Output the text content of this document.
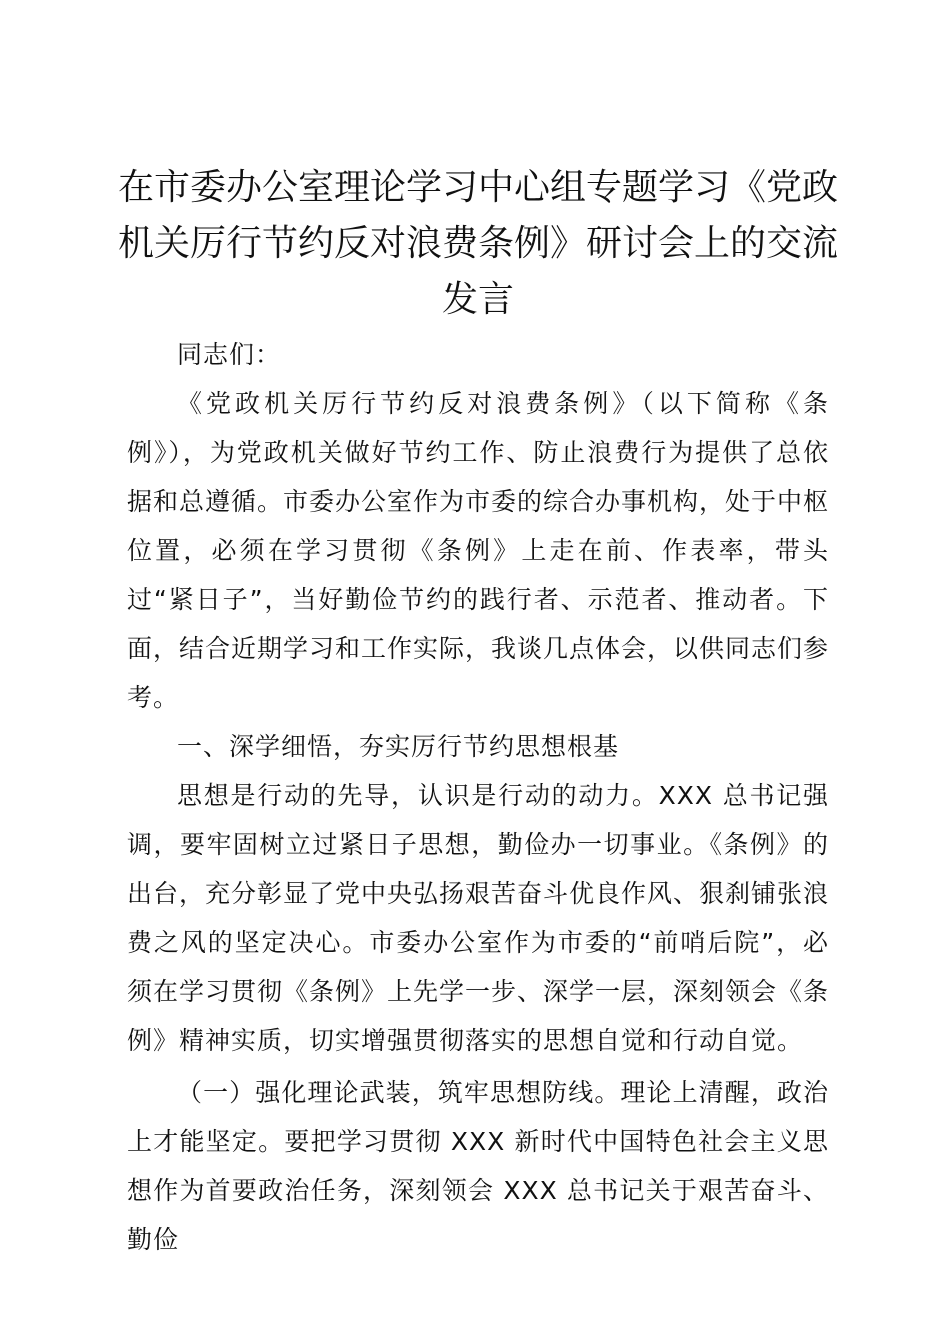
在市委办公室理论学习中心组专题学习《党政机关厉行节约反对浪费条例》研讨会上的交流发言

同志们：

《党政机关厉行节约反对浪费条例》（以下简称《条例》），为党政机关做好节约工作、防止浪费行为提供了总依据和总遵循。市委办公室作为市委的综合办事机构，处于中枢位置，必须在学习贯彻《条例》上走在前、作表率，带头过“紧日子”，当好勤俭节约的践行者、示范者、推动者。下面，结合近期学习和工作实际，我谈几点体会，以供同志们参考。

一、深学细悟，夯实厉行节约思想根基

思想是行动的先导，认识是行动的动力。XXX 总书记强调，要牢固树立过紧日子思想，勤俭办一切事业。《条例》的出台，充分彰显了党中央弘扬艰苦奋斗优良作风、狠刹铺张浪费之风的坚定决心。市委办公室作为市委的“前哨后院”，必须在学习贯彻《条例》上先学一步、深学一层，深刻领会《条例》精神实质，切实增强贯彻落实的思想自觉和行动自觉。

（一）强化理论武装，筑牢思想防线。理论上清醒，政治上才能坚定。要把学习贯彻 XXX 新时代中国特色社会主义思想作为首要政治任务，深刻领会 XXX 总书记关于艰苦奋斗、勤俭
